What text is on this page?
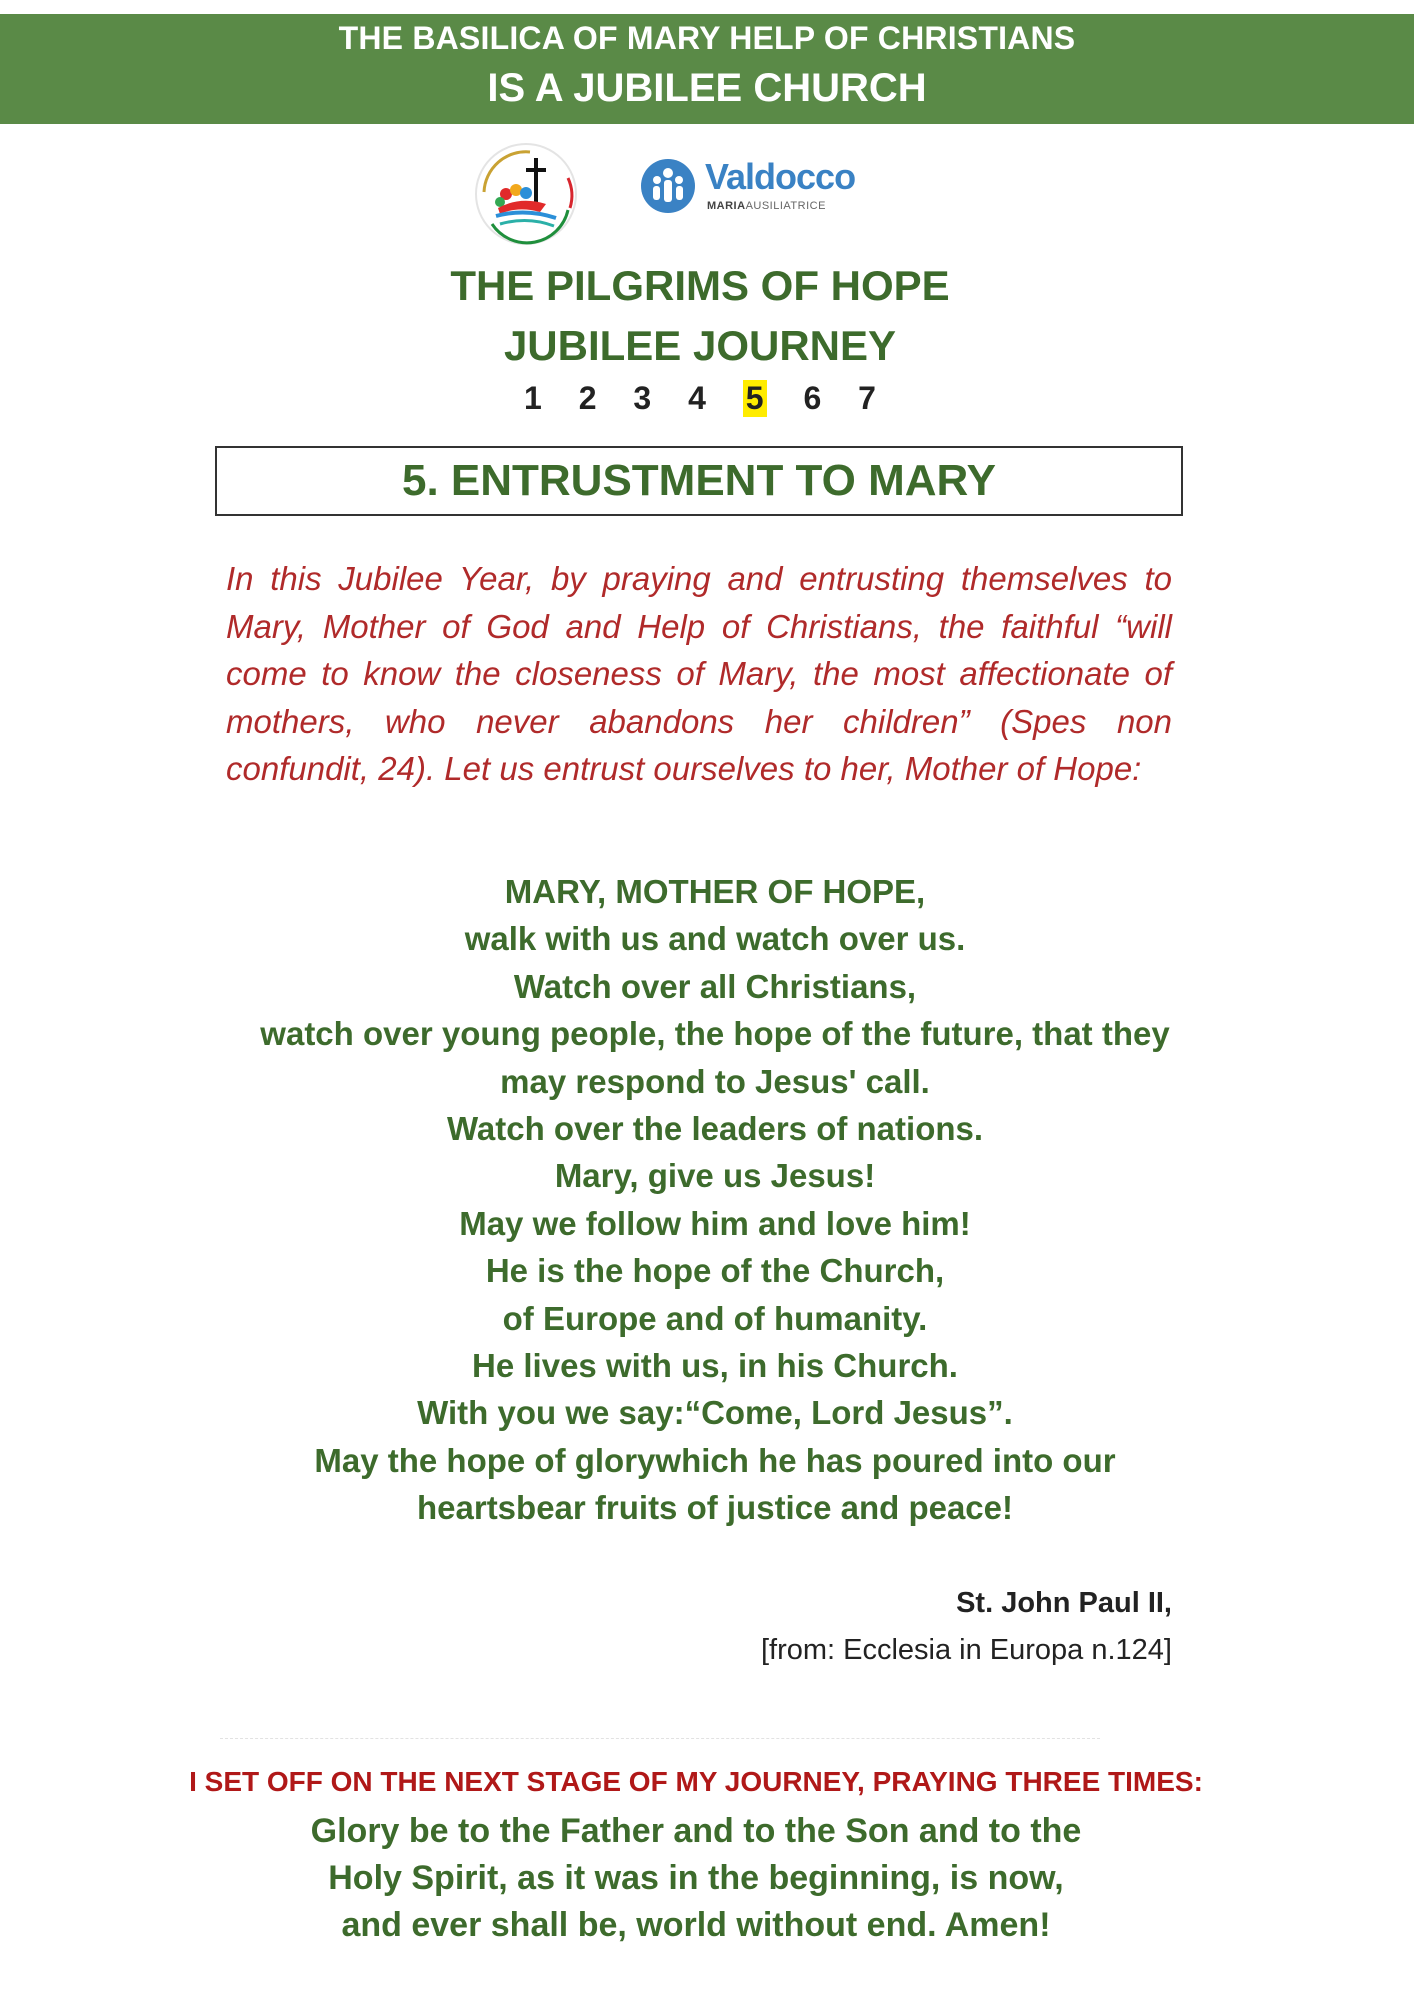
THE BASILICA OF MARY HELP OF CHRISTIANS
IS A JUBILEE CHURCH
Valdocco
MARIAAUSILIATRICE
THE PILGRIMS OF HOPE
JUBILEE JOURNEY
1 2 3 4 5 6 7
5. ENTRUSTMENT TO MARY
In this Jubilee Year, by praying and entrusting themselves to Mary, Mother of God and Help of Christians, the faithful “will come to know the closeness of Mary, the most affectionate of mothers, who never abandons her children” (Spes non confundit, 24). Let us entrust ourselves to her, Mother of Hope:
MARY, MOTHER OF HOPE,
walk with us and watch over us.
Watch over all Christians,
watch over young people, the hope of the future, that they
may respond to Jesus' call.
Watch over the leaders of nations.
Mary, give us Jesus!
May we follow him and love him!
He is the hope of the Church,
of Europe and of humanity.
He lives with us, in his Church.
With you we say:“Come, Lord Jesus”.
May the hope of glorywhich he has poured into our
heartsbear fruits of justice and peace!
St. John Paul II,
[from: Ecclesia in Europa n.124]
I SET OFF ON THE NEXT STAGE OF MY JOURNEY, PRAYING THREE TIMES:
Glory be to the Father and to the Son and to the
Holy Spirit, as it was in the beginning, is now,
and ever shall be, world without end. Amen!
